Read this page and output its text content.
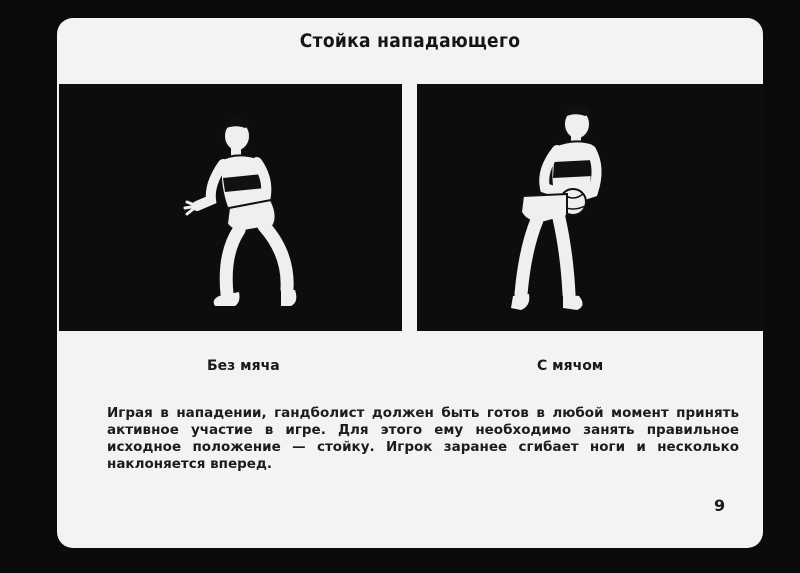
Стойка нападающего
Без мяча	С мячом
Играя в нападении, гандболист должен быть готов в любой момент принять активное участие в игре. Для этого ему необходимо занять правильное исходное положение — стойку. Игрок заранее сгибает ноги и несколько наклоняется вперед.
9
